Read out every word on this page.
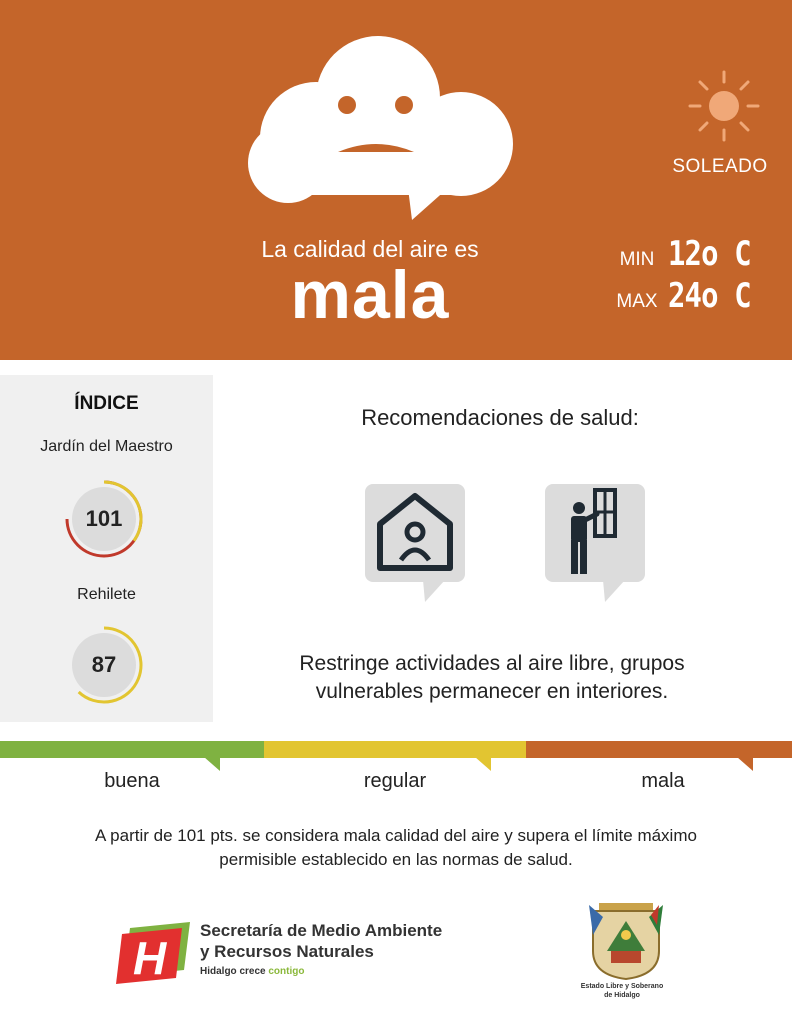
La calidad del aire es
mala
SOLEADO
MIN 12o C
MAX 24o C
ÍNDICE
Jardín del Maestro
101
Rehilete
87
Recomendaciones de salud:
Restringe actividades al aire libre, grupos
vulnerables permanecer en interiores.
buena	regular	mala
A partir de 101 pts. se considera mala calidad del aire y supera el límite máximo
permisible establecido en las normas de salud.
H
Secretaría de Medio Ambiente
y Recursos Naturales
Hidalgo crece contigo
Estado Libre y Soberano
de Hidalgo
